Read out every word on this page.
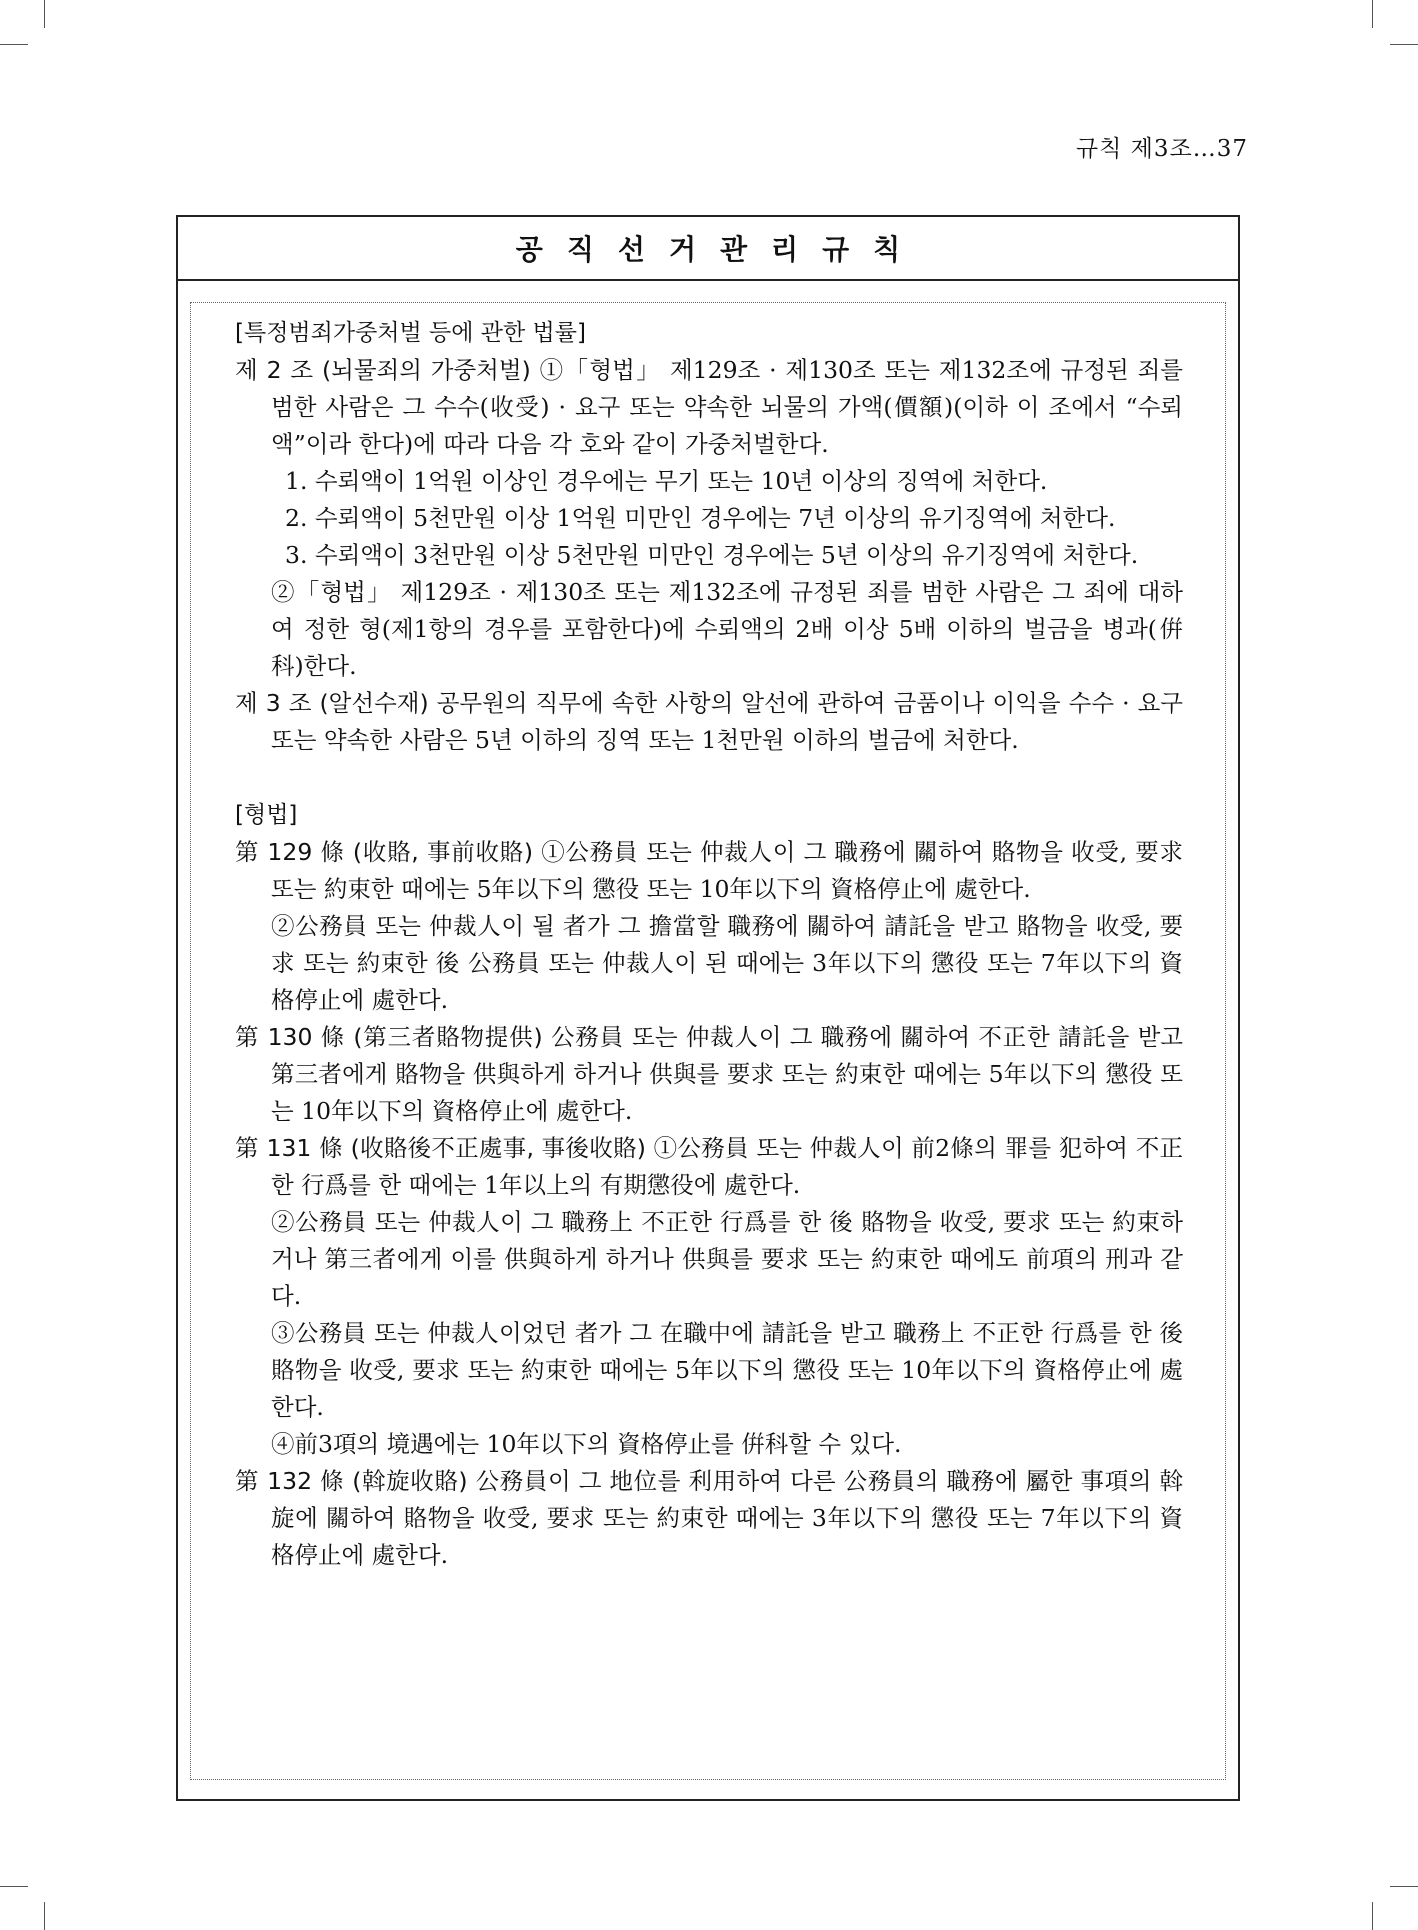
규칙 제3조…37
공직선거관리규칙
[특정범죄가중처벌 등에 관한 법률]
제 2 조 (뇌물죄의 가중처벌) ①「형법」 제129조 · 제130조 또는 제132조에 규정된 죄를 범한 사람은 그 수수(收受) · 요구 또는 약속한 뇌물의 가액(價額)(이하 이 조에서 “수뢰액”이라 한다)에 따라 다음 각 호와 같이 가중처벌한다.
1. 수뢰액이 1억원 이상인 경우에는 무기 또는 10년 이상의 징역에 처한다.
2. 수뢰액이 5천만원 이상 1억원 미만인 경우에는 7년 이상의 유기징역에 처한다.
3. 수뢰액이 3천만원 이상 5천만원 미만인 경우에는 5년 이상의 유기징역에 처한다.
②「형법」 제129조 · 제130조 또는 제132조에 규정된 죄를 범한 사람은 그 죄에 대하여 정한 형(제1항의 경우를 포함한다)에 수뢰액의 2배 이상 5배 이하의 벌금을 병과(倂科)한다.
제 3 조 (알선수재) 공무원의 직무에 속한 사항의 알선에 관하여 금품이나 이익을 수수 · 요구 또는 약속한 사람은 5년 이하의 징역 또는 1천만원 이하의 벌금에 처한다.
[형법]
第 129 條 (收賂, 事前收賂) ①公務員 또는 仲裁人이 그 職務에 關하여 賂物을 收受, 要求 또는 約束한 때에는 5年以下의 懲役 또는 10年以下의 資格停止에 處한다.
②公務員 또는 仲裁人이 될 者가 그 擔當할 職務에 關하여 請託을 받고 賂物을 收受, 要求 또는 約束한 後 公務員 또는 仲裁人이 된 때에는 3年以下의 懲役 또는 7年以下의 資格停止에 處한다.
第 130 條 (第三者賂物提供) 公務員 또는 仲裁人이 그 職務에 關하여 不正한 請託을 받고 第三者에게 賂物을 供與하게 하거나 供與를 要求 또는 約束한 때에는 5年以下의 懲役 또는 10年以下의 資格停止에 處한다.
第 131 條 (收賂後不正處事, 事後收賂) ①公務員 또는 仲裁人이 前2條의 罪를 犯하여 不正한 行爲를 한 때에는 1年以上의 有期懲役에 處한다.
②公務員 또는 仲裁人이 그 職務上 不正한 行爲를 한 後 賂物을 收受, 要求 또는 約束하거나 第三者에게 이를 供與하게 하거나 供與를 要求 또는 約束한 때에도 前項의 刑과 같다.
③公務員 또는 仲裁人이었던 者가 그 在職中에 請託을 받고 職務上 不正한 行爲를 한 後 賂物을 收受, 要求 또는 約束한 때에는 5年以下의 懲役 또는 10年以下의 資格停止에 處한다.
④前3項의 境遇에는 10年以下의 資格停止를 倂科할 수 있다.
第 132 條 (斡旋收賂) 公務員이 그 地位를 利用하여 다른 公務員의 職務에 屬한 事項의 斡旋에 關하여 賂物을 收受, 要求 또는 約束한 때에는 3年以下의 懲役 또는 7年以下의 資格停止에 處한다.
